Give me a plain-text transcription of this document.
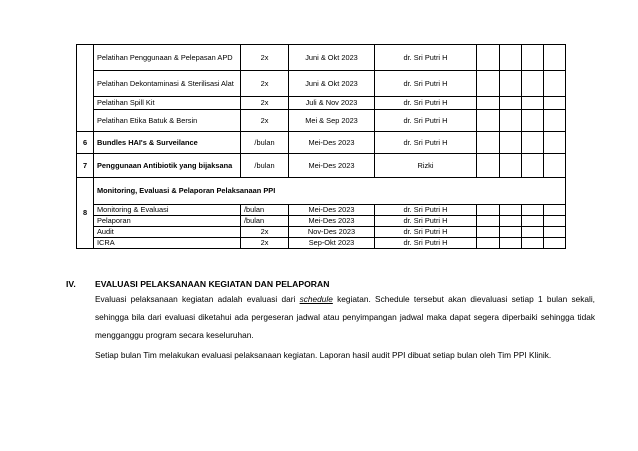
	Pelatihan Penggunaan & Pelepasan APD	2x	Juni & Okt 2023	dr. Sri Putri H				
	Pelatihan Dekontaminasi & Sterilisasi Alat	2x	Juni & Okt 2023	dr. Sri Putri H				
	Pelatihan Spill Kit	2x	Juli & Nov 2023	dr. Sri Putri H				
	Pelatihan Etika Batuk & Bersin	2x	Mei & Sep 2023	dr. Sri Putri H				
6	Bundles HAI's & Surveilance	/bulan	Mei-Des 2023	dr. Sri Putri H				
7	Penggunaan Antibiotik yang bijaksana	/bulan	Mei-Des 2023	Rizki				
8	Monitoring, Evaluasi & Pelaporan Pelaksanaan PPI							
	Monitoring & Evaluasi	/bulan	Mei-Des 2023	dr. Sri Putri H				
	Pelaporan	/bulan	Mei-Des 2023	dr. Sri Putri H				
	Audit	2x	Nov-Des 2023	dr. Sri Putri H				
	ICRA	2x	Sep-Okt 2023	dr. Sri Putri H				
IV. EVALUASI PELAKSANAAN KEGIATAN DAN PELAPORAN

Evaluasi pelaksanaan kegiatan adalah evaluasi dari schedule kegiatan. Schedule tersebut akan dievaluasi setiap 1 bulan sekali, sehingga bila dari evaluasi diketahui ada pergeseran jadwal atau penyimpangan jadwal maka dapat segera diperbaiki sehingga tidak mengganggu program secara keseluruhan.

Setiap bulan Tim melakukan evaluasi pelaksanaan kegiatan. Laporan hasil audit PPI dibuat setiap bulan oleh Tim PPI Klinik.
